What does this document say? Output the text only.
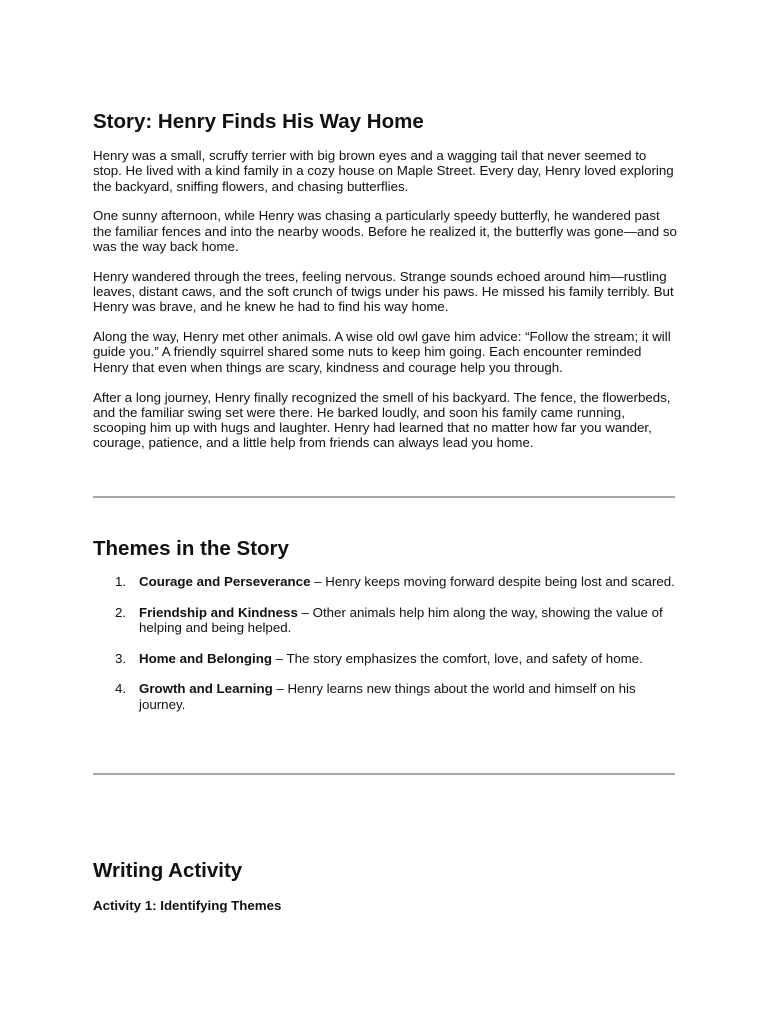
Story: Henry Finds His Way Home

Henry was a small, scruffy terrier with big brown eyes and a wagging tail that never seemed to stop. He lived with a kind family in a cozy house on Maple Street. Every day, Henry loved exploring the backyard, sniffing flowers, and chasing butterflies.

One sunny afternoon, while Henry was chasing a particularly speedy butterfly, he wandered past the familiar fences and into the nearby woods. Before he realized it, the butterfly was gone—and so was the way back home.

Henry wandered through the trees, feeling nervous. Strange sounds echoed around him—rustling leaves, distant caws, and the soft crunch of twigs under his paws. He missed his family terribly. But Henry was brave, and he knew he had to find his way home.

Along the way, Henry met other animals. A wise old owl gave him advice: “Follow the stream; it will guide you.” A friendly squirrel shared some nuts to keep him going. Each encounter reminded Henry that even when things are scary, kindness and courage help you through.

After a long journey, Henry finally recognized the smell of his backyard. The fence, the flowerbeds, and the familiar swing set were there. He barked loudly, and soon his family came running, scooping him up with hugs and laughter. Henry had learned that no matter how far you wander, courage, patience, and a little help from friends can always lead you home.

Themes in the Story
1. Courage and Perseverance – Henry keeps moving forward despite being lost and scared.
2. Friendship and Kindness – Other animals help him along the way, showing the value of helping and being helped.
3. Home and Belonging – The story emphasizes the comfort, love, and safety of home.
4. Growth and Learning – Henry learns new things about the world and himself on his journey.
Writing Activity

Activity 1: Identifying Themes
